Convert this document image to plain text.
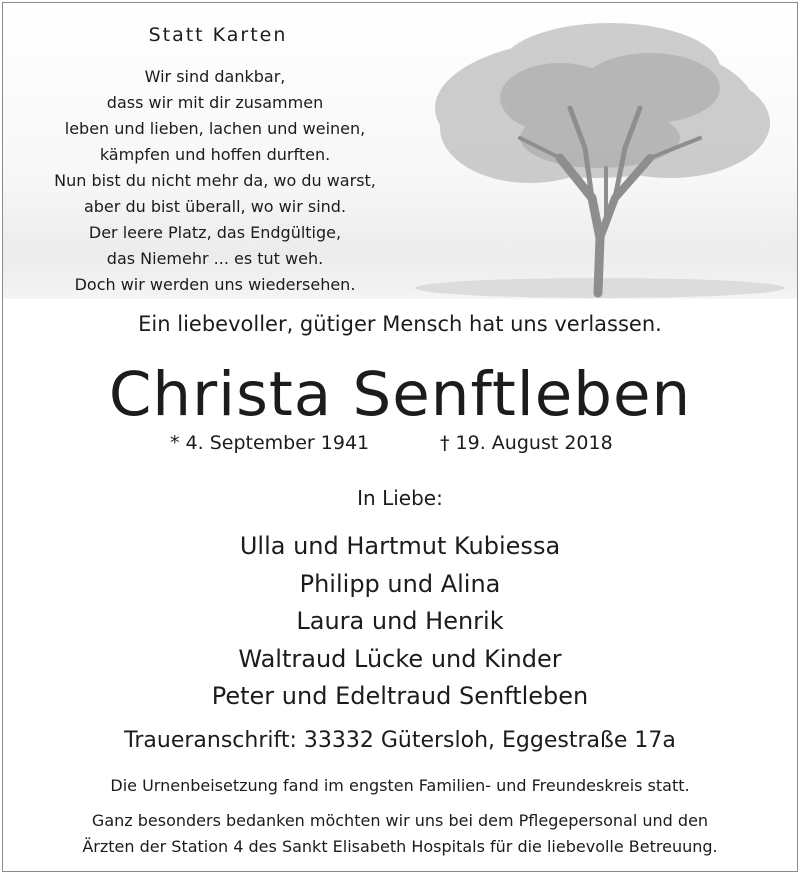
Statt Karten
Wir sind dankbar,
dass wir mit dir zusammen
leben und lieben, lachen und weinen,
kämpfen und hoffen durften.
Nun bist du nicht mehr da, wo du warst,
aber du bist überall, wo wir sind.
Der leere Platz, das Endgültige,
das Niemehr ... es tut weh.
Doch wir werden uns wiedersehen.
Ein liebevoller, gütiger Mensch hat uns verlassen.
Christa Senftleben
* 4. September 1941	† 19. August 2018
In Liebe:
Ulla und Hartmut Kubiessa
Philipp und Alina
Laura und Henrik
Waltraud Lücke und Kinder
Peter und Edeltraud Senftleben
Traueranschrift: 33332 Gütersloh, Eggestraße 17a
Die Urnenbeisetzung fand im engsten Familien- und Freundeskreis statt.
Ganz besonders bedanken möchten wir uns bei dem Pflegepersonal und den
Ärzten der Station 4 des Sankt Elisabeth Hospitals für die liebevolle Betreuung.
